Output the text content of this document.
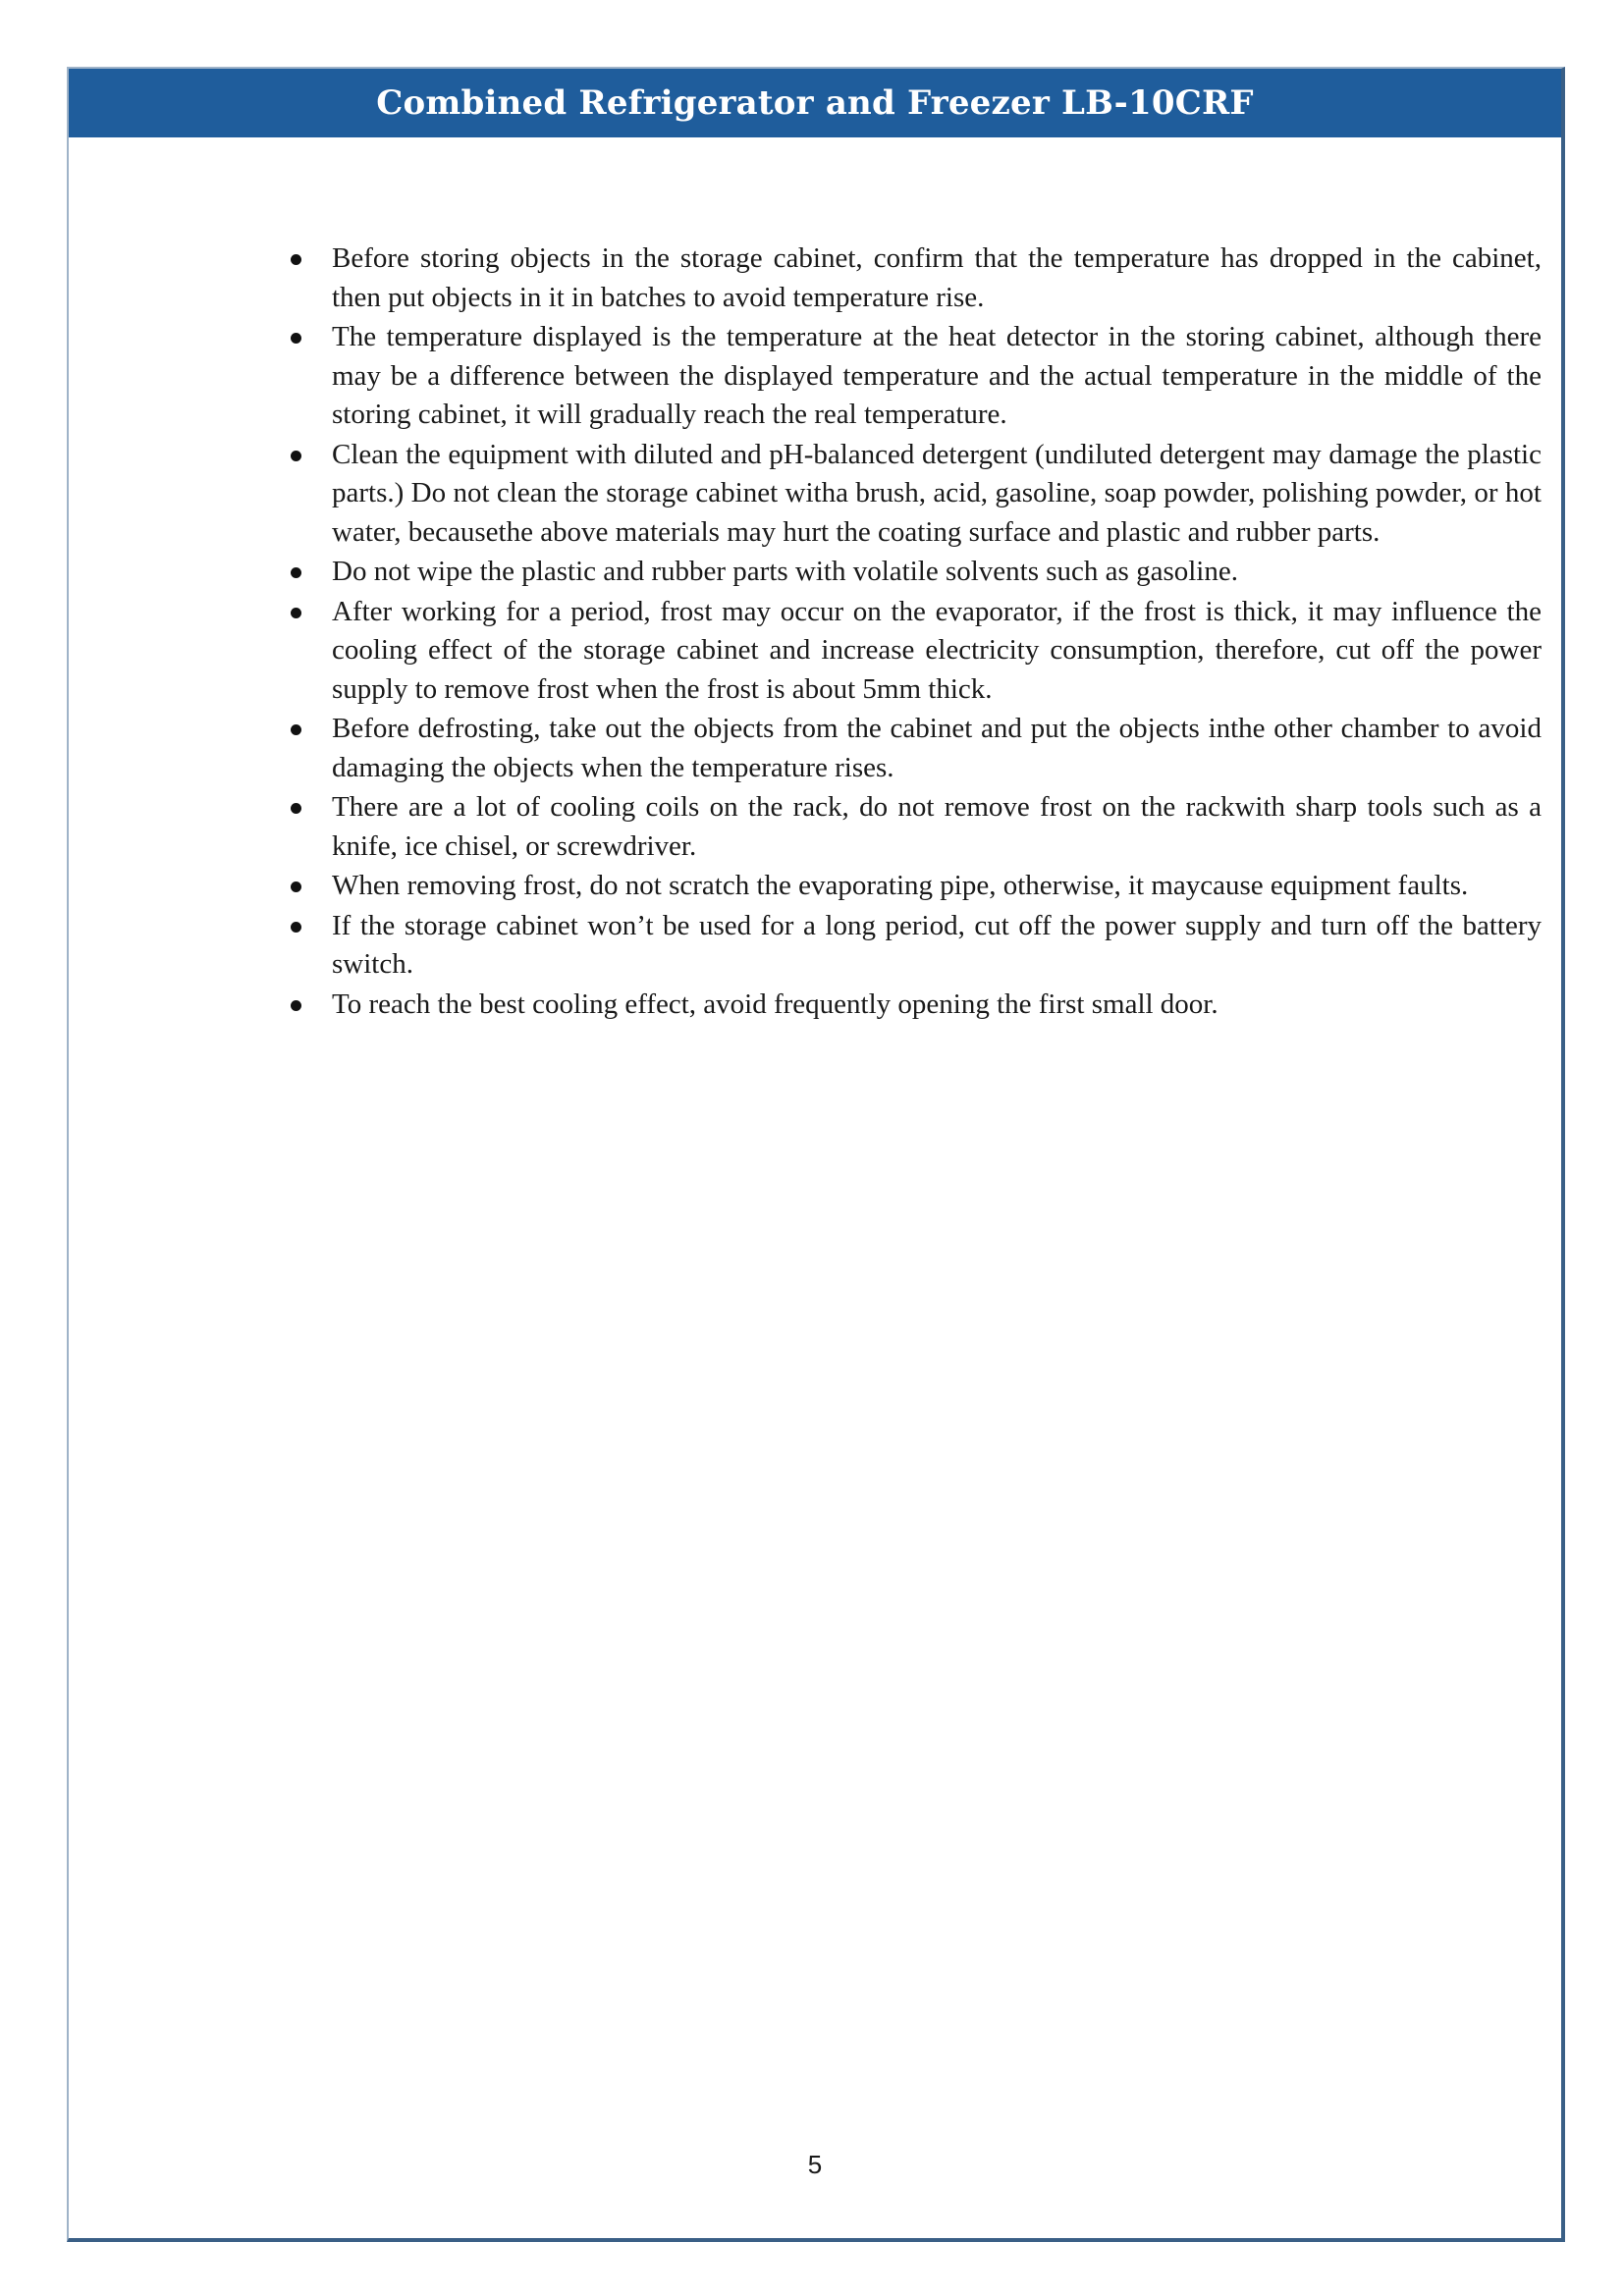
Combined Refrigerator and Freezer LB-10CRF
Before storing objects in the storage cabinet, confirm that the temperature has dropped in the cabinet, then put objects in it in batches to avoid temperature rise.
The temperature displayed is the temperature at the heat detector in the storing cabinet, although there may be a difference between the displayed temperature and the actual temperature in the middle of the storing cabinet, it will gradually reach the real temperature.
Clean the equipment with diluted and pH-balanced detergent (undiluted detergent may damage the plastic parts.) Do not clean the storage cabinet witha brush, acid, gasoline, soap powder, polishing powder, or hot water, becausethe above materials may hurt the coating surface and plastic and rubber parts.
Do not wipe the plastic and rubber parts with volatile solvents such as gasoline.
After working for a period, frost may occur on the evaporator, if the frost is thick, it may influence the cooling effect of the storage cabinet and increase electricity consumption, therefore, cut off the power supply to remove frost when the frost is about 5mm thick.
Before defrosting, take out the objects from the cabinet and put the objects inthe other chamber to avoid damaging the objects when the temperature rises.
There are a lot of cooling coils on the rack, do not remove frost on the rackwith sharp tools such as a knife, ice chisel, or screwdriver.
When removing frost, do not scratch the evaporating pipe, otherwise, it maycause equipment faults.
If the storage cabinet won’t be used for a long period, cut off the power supply and turn off the battery switch.
To reach the best cooling effect, avoid frequently opening the first small door.
5
